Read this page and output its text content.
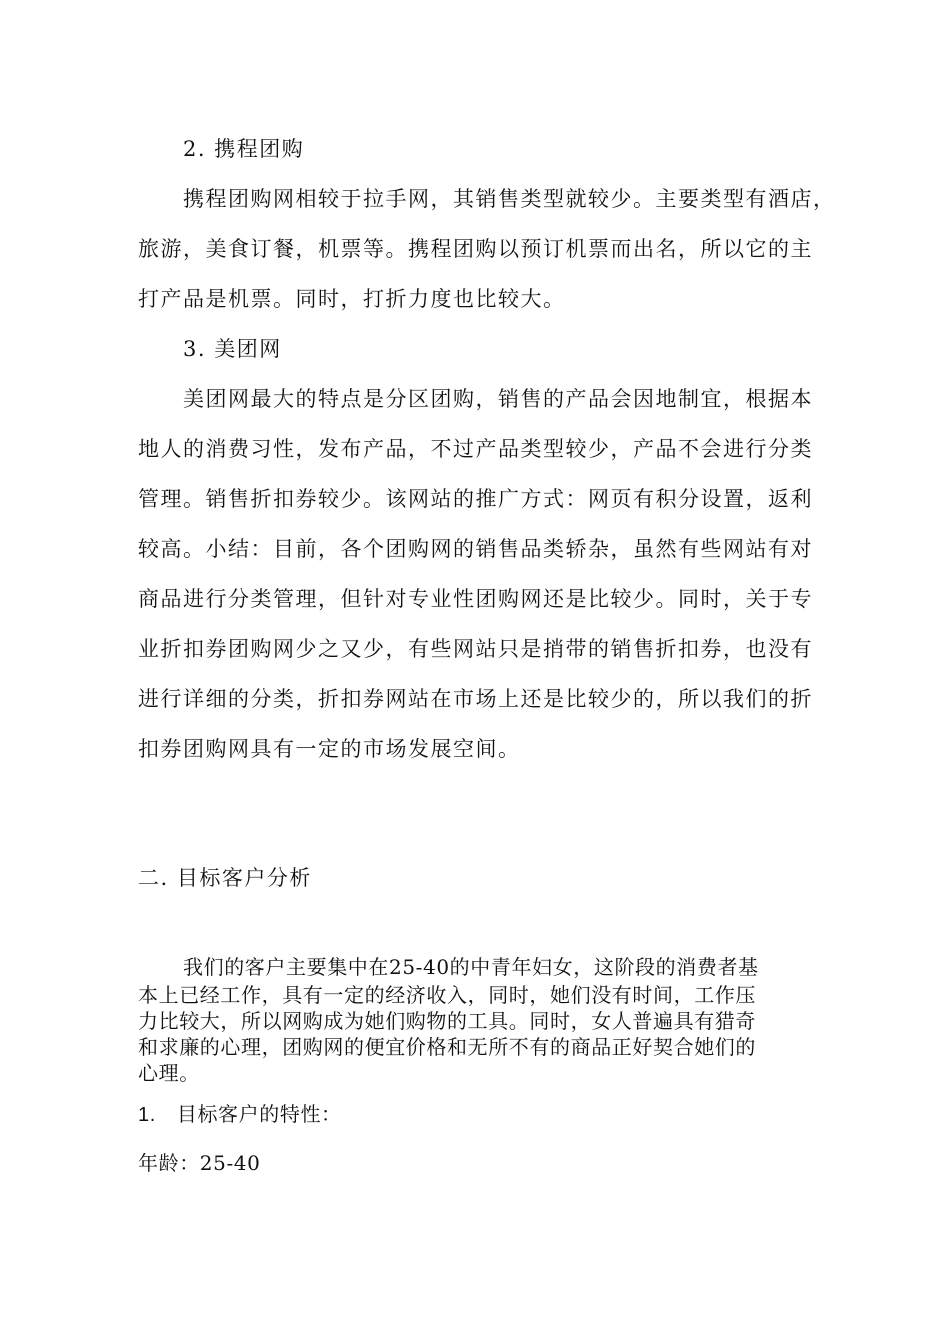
2. 携程团购

携程团购网相较于拉手网，其销售类型就较少。主要类型有酒店，

旅游，美食订餐，机票等。携程团购以预订机票而出名，所以它的主

打产品是机票。同时，打折力度也比较大。

3. 美团网

美团网最大的特点是分区团购，销售的产品会因地制宜，根据本

地人的消费习性，发布产品，不过产品类型较少，产品不会进行分类

管理。销售折扣券较少。该网站的推广方式：网页有积分设置，返利

较高。小结：目前，各个团购网的销售品类轿杂，虽然有些网站有对

商品进行分类管理，但针对专业性团购网还是比较少。同时，关于专

业折扣券团购网少之又少，有些网站只是捎带的销售折扣券，也没有

进行详细的分类，折扣券网站在市场上还是比较少的，所以我们的折

扣券团购网具有一定的市场发展空间。

二. 目标客户分析

我们的客户主要集中在25-40的中青年妇女，这阶段的消费者基

本上已经工作，具有一定的经济收入，同时，她们没有时间，工作压

力比较大，所以网购成为她们购物的工具。同时，女人普遍具有猎奇

和求廉的心理，团购网的便宜价格和无所不有的商品正好契合她们的

心理。

1. 目标客户的特性：

年龄：25-40
